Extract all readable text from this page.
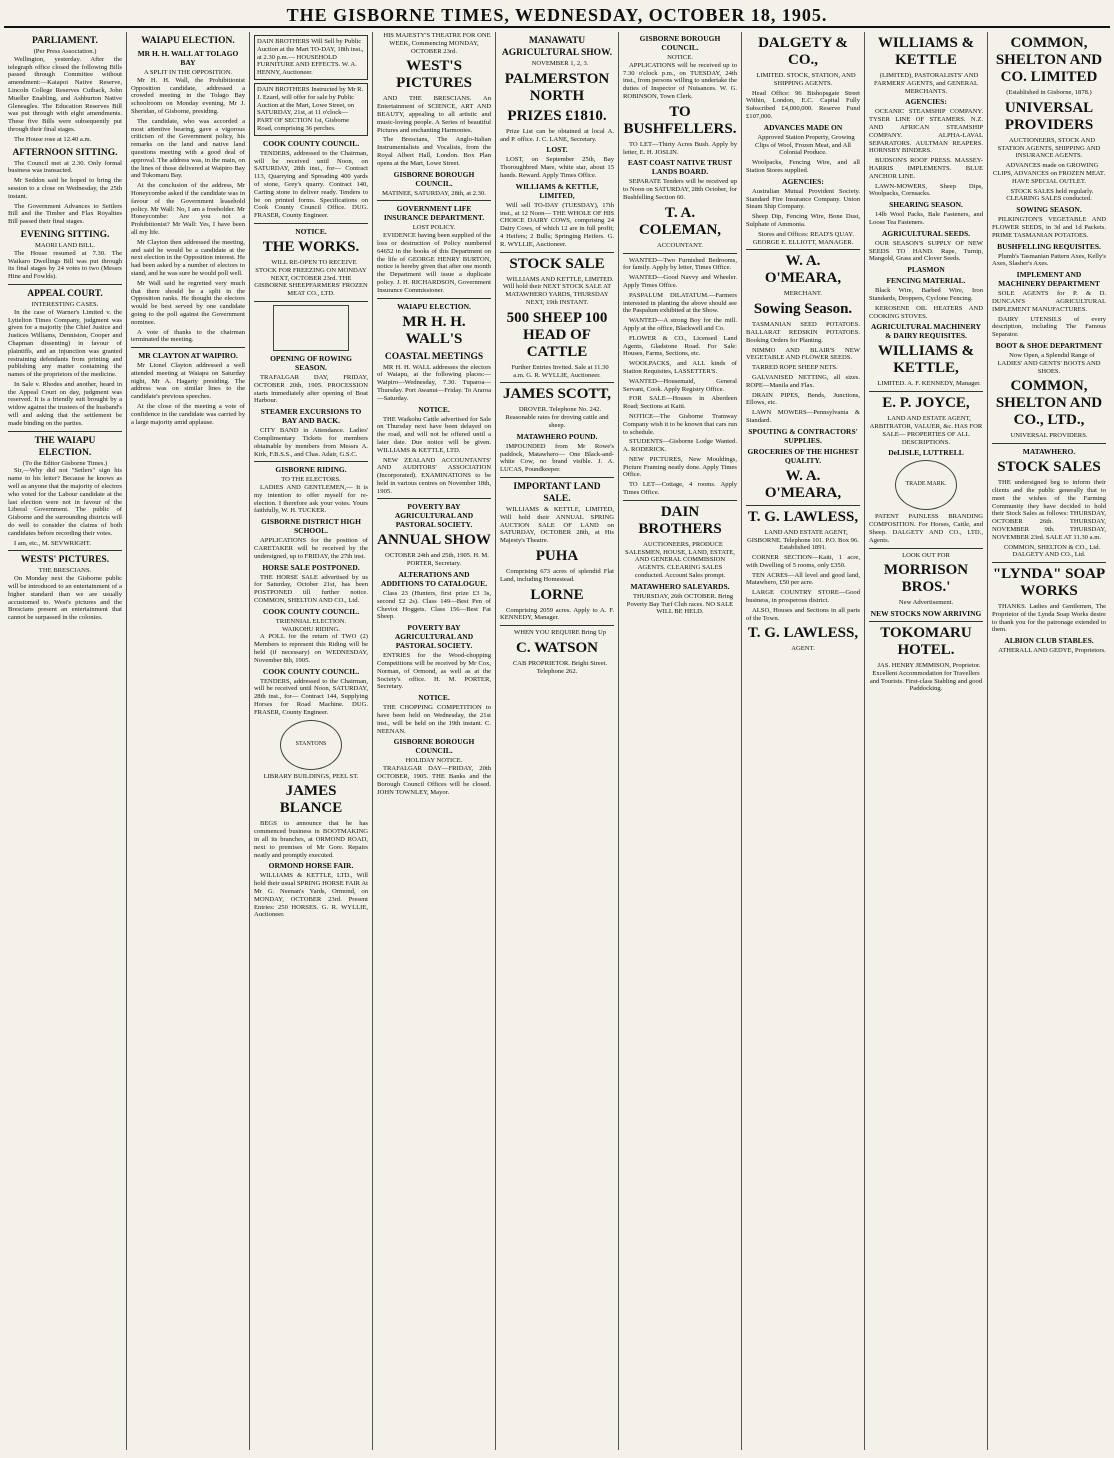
THE GISBORNE TIMES, WEDNESDAY, OCTOBER 18, 1905.
PARLIAMENT.
(Per Press Association.)

Wellington, yesterday. After the telegraph office closed the following Bills passed through Committee without amendment:—Kaiapoi Native Reserve, Lincoln College Reserves Cutback, John Mueller Enabling, and Ashburton Native Gleneagles. The Education Reserves Bill was put through with eight amendments. These five Bills were subsequently put through their final stages.

The House rose at 12.40 a.m.

AFTERNOON SITTING.

The Council met at 2.30. Only formal business was transacted.

Mr Seddon said he hoped to bring the session to a close on Wednesday, the 25th instant.

The Government Advances to Settlers Bill and the Timber and Flax Royalties Bill passed their final stages.

EVENING SITTING.
MAORI LAND BILL.

The House resumed at 7.30. The Waikaro Dwellings Bill was put through its final stages by 24 votes to two (Messrs Hine and Fowlds).

APPEAL COURT.
INTERESTING CASES.

In the case of Warner's Limited v. the Lyttelton Times Company, judgment was given for a majority (the Chief Justice and Justices Williams, Denniston, Cooper and Chapman dissenting) in favour of plaintiffs, and an injunction was granted restraining defendants from printing and publishing any matter containing the names of the proprietors of the medicine.

In Sale v. Rhodes and another, heard in the Appeal Court on day, judgment was reserved. It is a friendly suit brought by a widow against the trustees of the husband's will and asking that the settlement be made binding on the parties.

THE WAIAPU ELECTION.
(To the Editor Gisborne Times.)

Sir,—Why did not "Setlers" sign his name to his letter? Because he knows as well as anyone that the majority of electors who voted for the Labour candidate at the last election were not in favour of the Liberal Government. The public of Gisborne and the surrounding districts will do well to consider the claims of both candidates before recording their votes.

I am, etc., M. SEVWRIGHT.

WESTS' PICTURES.
THE BRESCIANS.

On Monday next the Gisborne public will be introduced to an entertainment of a higher standard than we are usually accustomed to. West's pictures and the Brescians present an entertainment that cannot be surpassed in the colonies.

WAIAPU ELECTION.
MR H. H. WALL AT TOLAGO BAY
A SPLIT IN THE OPPOSITION.

Mr H. H. Wall, the Prohibitionist Opposition candidate, addressed a crowded meeting in the Tolago Bay schoolroom on Monday evening, Mr J. Sheridan, of Gisborne, presiding.

The candidate, who was accorded a most attentive hearing, gave a vigorous criticism of the Government policy, his remarks on the land and native land questions meeting with a good deal of approval. The address was, in the main, on the lines of those delivered at Waipiro Bay and Tokomaru Bay.

At the conclusion of the address, Mr Honeycombe asked if the candidate was in favour of the Government leasehold policy. Mr Wall: No, I am a freeholder. Mr Honeycombe: Are you not a Prohibitionist? Mr Wall: Yes, I have been all my life.

Mr Clayton then addressed the meeting, and said he would be a candidate at the next election in the Opposition interest. He had been asked by a number of electors to stand, and he was sure he would poll well.

Mr Wall said he regretted very much that there should be a split in the Opposition ranks. He thought the electors would be best served by one candidate going to the poll against the Government nominee.

A vote of thanks to the chairman terminated the meeting.

MR CLAYTON AT WAIPIRO.

Mr Lionel Clayton addressed a well attended meeting at Waiapu on Saturday night, Mr A. Hagarty presiding. The address was on similar lines to the candidate's previous speeches.

At the close of the meeting a vote of confidence in the candidate was carried by a large majority amid applause.

DAIN BROTHERS Will Sell by Public Auction at the Mart TO-DAY, 18th inst., at 2.30 p.m.— HOUSEHOLD FURNITURE AND EFFECTS. W. A. HENNY, Auctioneer.
DAIN BROTHERS Instructed by Mr R. J. Ezard, will offer for sale by Public Auction at the Mart, Lowe Street, on SATURDAY, 21st, at 11 o'clock— PART OF SECTION 1st, Gisborne Road, comprising 36 perches.
COOK COUNTY COUNCIL.

TENDERS, addressed to the Chairman, will be received until Noon, on SATURDAY, 28th inst., for— Contract 113, Quarrying and Spreading 400 yards of stone, Grey's quarry. Contract 140, Carting stone to deliver ready. Tenders to be on printed forms. Specifications on Cook County Council Office. DUG. FRASER, County Engineer.

NOTICE.
THE WORKS.

WILL RE-OPEN TO RECEIVE STOCK FOR FREEZING ON MONDAY NEXT, OCTOBER 23rd. THE GISBORNE SHEEPFARMERS' FROZEN MEAT CO., LTD.

OPENING OF ROWING SEASON.

TRAFALGAR DAY, FRIDAY, OCTOBER 20th, 1905. PROCESSION starts immediately after opening of Boat Harbour.

STEAMER EXCURSIONS TO BAY AND BACK.

CITY BAND in Attendance. Ladies' Complimentary Tickets for members obtainable by members from Messrs A. Kirk, F.B.S.S., and Chas. Adair, G.S.C.

GISBORNE RIDING.
TO THE ELECTORS.

LADIES AND GENTLEMEN,— It is my intention to offer myself for re-election. I therefore ask your votes. Yours faithfully, W. H. TUCKER.

GISBORNE DISTRICT HIGH SCHOOL.

APPLICATIONS for the position of CARETAKER will be received by the undersigned, up to FRIDAY, the 27th inst.

HORSE SALE POSTPONED.

THE HORSE SALE advertised by us for Saturday, October 21st, has been POSTPONED till further notice. COMMON, SHELTON AND CO., Ltd.

COOK COUNTY COUNCIL.
TRIENNIAL ELECTION.
WAIKOHU RIDING.

A POLL for the return of TWO (2) Members to represent this Riding will be held (if necessary) on WEDNESDAY, November 8th, 1905.

COOK COUNTY COUNCIL.

TENDERS, addressed to the Chairman, will be received until Noon, SATURDAY, 28th inst., for— Contract 144, Supplying Horses for Road Machine. DUG. FRASER, County Engineer.

STANTONS
LIBRARY BUILDINGS, PEEL ST.
JAMES BLANCE

BEGS to announce that he has commenced business in BOOTMAKING in all its branches, at ORMOND ROAD, next to premises of Mr Gore. Repairs neatly and promptly executed.

ORMOND HORSE FAIR.

WILLIAMS & KETTLE, LTD., Will hold their usual SPRING HORSE FAIR At Mr G. Neenan's Yards, Ormond, on MONDAY, OCTOBER 23rd. Present Entries: 250 HORSES. G. R. WYLLIE, Auctioneer.

HIS MAJESTY'S THEATRE FOR ONE WEEK, Commencing MONDAY, OCTOBER 23rd.

WEST'S PICTURES

AND THE BRESCIANS. An Entertainment of SCIENCE, ART AND BEAUTY, appealing to all artistic and music-loving people. A Series of beautiful Pictures and enchanting Harmonies.

The Brescians, The Anglo-Italian Instrumentalists and Vocalists, from the Royal Albert Hall, London. Box Plan opens at the Mart, Lowe Street.

GISBORNE BOROUGH COUNCIL.
MATINEE, SATURDAY, 28th, at 2.30.
GOVERNMENT LIFE INSURANCE DEPARTMENT.
LOST POLICY.

EVIDENCE having been supplied of the loss or destruction of Policy numbered 64652 in the books of this Department on the life of GEORGE HENRY BURTON, notice is hereby given that after one month the Department will issue a duplicate policy. J. H. RICHARDSON, Government Insurance Commissioner.

WAIAPU ELECTION.
MR H. H. WALL'S
COASTAL MEETINGS

MR H. H. WALL addresses the electors of Waiapu, at the following places:— Waipiro—Wednesday, 7.30. Tuparoa—Thursday. Port Awanui—Friday. To Araroa—Saturday.

NOTICE.

THE Waikohu Cattle advertised for Sale on Thursday next have been delayed on the road, and will not be offered until a later date. Due notice will be given. WILLIAMS & KETTLE, LTD.

NEW ZEALAND ACCOUNTANTS' AND AUDITORS' ASSOCIATION (Incorporated). EXAMINATIONS to be held in various centres on November 18th, 1905.

POVERTY BAY AGRICULTURAL AND PASTORAL SOCIETY.
ANNUAL SHOW

OCTOBER 24th and 25th, 1905. H. M. PORTER, Secretary.

ALTERATIONS AND ADDITIONS TO CATALOGUE.

Class 23 (Hunters, first prize £3 3s, second £2 2s). Class 149—Best Pen of Cheviot Hoggets. Class 156—Best Fat Sheep.

POVERTY BAY AGRICULTURAL AND PASTORAL SOCIETY.

ENTRIES for the Wood-chopping Competitions will be received by Mr Cox, Norman, of Ormond, as well as at the Society's office. H. M. PORTER, Secretary.

NOTICE.

THE CHOPPING COMPETITION to have been held on Wednesday, the 21st inst., will be held on the 19th instant. C. NEENAN.

GISBORNE BOROUGH COUNCIL.
HOLIDAY NOTICE.

TRAFALGAR DAY—FRIDAY, 20th OCTOBER, 1905. THE Banks and the Borough Council Offices will be closed. JOHN TOWNLEY, Mayor.

MANAWATU AGRICULTURAL SHOW.

NOVEMBER 1, 2, 3.

PALMERSTON NORTH
PRIZES £1810.

Prize List can be obtained at local A. and P. office. J. C. LANE, Secretary.

LOST.

LOST, on September 25th, Bay Thoroughbred Mare, white star, about 15 hands. Reward. Apply Times Office.

WILLIAMS & KETTLE, LIMITED,

Will sell TO-DAY (TUESDAY), 17th inst., at 12 Noon— THE WHOLE OF HIS CHOICE DAIRY COWS, comprising 24 Dairy Cows, of which 12 are in full profit; 4 Heifers; 2 Bulls; Springing Heifers. G. R. WYLLIE, Auctioneer.

STOCK SALE

WILLIAMS AND KETTLE, LIMITED. Will hold their NEXT STOCK SALE AT MATAWHERO YARDS, THURSDAY NEXT, 19th INSTANT.

500 SHEEP 100 HEAD OF CATTLE

Further Entries Invited. Sale at 11.30 a.m. G. R. WYLLIE, Auctioneer.

JAMES SCOTT,

DROVER. Telephone No. 242. Reasonable rates for droving cattle and sheep.

MATAWHERO POUND.

IMPOUNDED from Mr Rowe's paddock, Matawhero— One Black-and-white Cow, no brand visible. J. A. LUCAS, Poundkeeper.

IMPORTANT LAND SALE.

WILLIAMS & KETTLE, LIMITED, Will hold their ANNUAL SPRING AUCTION SALE OF LAND on SATURDAY, OCTOBER 28th, at His Majesty's Theatre.

PUHA

Comprising 673 acres of splendid Flat Land, including Homestead.

LORNE

Comprising 2059 acres. Apply to A. F. KENNEDY, Manager.

WHEN YOU REQUIRE Bring Up

C. WATSON

CAB PROPRIETOR. Bright Street. Telephone 262.

GISBORNE BOROUGH COUNCIL.
NOTICE.

APPLICATIONS will be received up to 7.30 o'clock p.m., on TUESDAY, 24th inst., from persons willing to undertake the duties of Inspector of Nuisances. W. G. ROBINSON, Town Clerk.

TO BUSHFELLERS.

TO LET—Thirty Acres Bush. Apply by letter, E. H. JOSLIN.

EAST COAST NATIVE TRUST LANDS BOARD.

SEPARATE Tenders will be received up to Noon on SATURDAY, 28th October, for Bushfelling Section 60.

T. A. COLEMAN,
ACCOUNTANT.

WANTED—Two Furnished Bedrooms, for family. Apply by letter, Times Office.

WANTED—Good Navvy and Wheeler. Apply Times Office.

PASPALUM DILATATUM.—Farmers interested in planting the above should see the Paspalum exhibited at the Show.

WANTED—A strong Boy for the mill. Apply at the office, Blackwell and Co.

FLOWER & CO., Licensed Land Agents, Gladstone Road. For Sale: Houses, Farms, Sections, etc.

WOOLPACKS, and ALL kinds of Station Requisites, LASSETTER'S.

WANTED—Housemaid, General Servant, Cook. Apply Registry Office.

FOR SALE—Houses in Aberdeen Road; Sections at Kaiti.

NOTICE—The Gisborne Tramway Company wish it to be known that cars run to schedule.

STUDENTS—Gisborne Lodge Wanted. A. RODERICK.

NEW PICTURES, New Mouldings, Picture Framing neatly done. Apply Times Office.

TO LET—Cottage, 4 rooms. Apply Times Office.

DAIN BROTHERS

AUCTIONEERS, PRODUCE SALESMEN, HOUSE, LAND, ESTATE, AND GENERAL COMMISSION AGENTS. CLEARING SALES conducted. Account Sales prompt.

MATAWHERO SALEYARDS.

THURSDAY, 26th OCTOBER. Bring Poverty Bay Turf Club races. NO SALE WILL BE HELD.

DALGETY & CO.,

LIMITED. STOCK, STATION, AND SHIPPING AGENTS.

Head Office: 96 Bishopsgate Street Within, London, E.C. Capital Fully Subscribed £4,000,000. Reserve Fund £107,000.

ADVANCES MADE ON

Approved Station Property, Growing Clips of Wool, Frozen Meat, and All Colonial Produce.

Woolpacks, Fencing Wire, and all Station Stores supplied.

AGENCIES:

Australian Mutual Provident Society. Standard Fire Insurance Company. Union Steam Ship Company.

Sheep Dip, Fencing Wire, Bone Dust, Sulphate of Ammonia.

Stores and Offices: READ'S QUAY. GEORGE E. ELLIOTT, MANAGER.

W. A. O'MEARA,
MERCHANT.
Sowing Season.

TASMANIAN SEED POTATOES. BALLARAT REDSKIN POTATOES. Booking Orders for Planting.

NIMMO AND BLAIR'S NEW VEGETABLE AND FLOWER SEEDS.

TARRED ROPE SHEEP NETS.

GALVANISED NETTING, all sizes. ROPE—Manila and Flax.

DRAIN PIPES, Bends, Junctions, Ellows, etc.

LAWN MOWERS—Pennsylvania & Standard.

SPOUTING & CONTRACTORS' SUPPLIES.
GROCERIES OF THE HIGHEST QUALITY.
W. A. O'MEARA,
T. G. LAWLESS,

LAND AND ESTATE AGENT, GISBORNE. Telephone 101. P.O. Box 96. Established 1891.

CORNER SECTION—Kaiti, 1 acre, with Dwelling of 5 rooms, only £350.

TEN ACRES—All level and good land, Matawhero, £50 per acre.

LARGE COUNTRY STORE—Good business, in prosperous district.

ALSO, Houses and Sections in all parts of the Town.

T. G. LAWLESS,
AGENT.
WILLIAMS & KETTLE

(LIMITED), PASTORALISTS' AND FARMERS' AGENTS, and GENERAL MERCHANTS.

AGENCIES:

OCEANIC STEAMSHIP COMPANY. TYSER LINE OF STEAMERS. N.Z. AND AFRICAN STEAMSHIP COMPANY. ALPHA-LAVAL SEPARATORS. AULTMAN REAPERS. HORNSBY BINDERS.

BUDSON'S ROOF PRESS. MASSEY-HARRIS IMPLEMENTS. BLUE ANCHOR LINE.

LAWN-MOWERS, Sheep Dips, Woolpacks, Cornsacks.

SHEARING SEASON.

14lb Wool Packs, Bale Fasteners, and Loose Tea Fasteners.

AGRICULTURAL SEEDS.

OUR SEASON'S SUPPLY OF NEW SEEDS TO HAND. Rape, Turnip, Mangold, Grass and Clover Seeds.

PLASMON
FENCING MATERIAL.

Black Wire, Barbed Wire, Iron Standards, Droppers, Cyclone Fencing.

KEROSENE OIL HEATERS AND COOKING STOVES.

AGRICULTURAL MACHINERY & DAIRY REQUISITES.
WILLIAMS & KETTLE,

LIMITED. A. F. KENNEDY, Manager.

E. P. JOYCE,

LAND AND ESTATE AGENT, ARBITRATOR, VALUER, &c. HAS FOR SALE— PROPERTIES OF ALL DESCRIPTIONS.

DeLISLE, LUTTRELL
TRADE MARK.

PATENT PAINLESS BRANDING COMPOSITION. For Horses, Cattle, and Sheep. DALGETY AND CO., LTD., Agents.

LOOK OUT FOR
MORRISON BROS.'
New Advertisement.
NEW STOCKS NOW ARRIVING
TOKOMARU HOTEL.

JAS. HENRY JEMMISON, Proprietor. Excellent Accommodation for Travellers and Tourists. First-class Stabling and good Paddocking.

COMMON, SHELTON AND CO. LIMITED
(Established in Gisborne, 1878.)
UNIVERSAL PROVIDERS

AUCTIONEERS, STOCK AND STATION AGENTS, SHIPPING AND INSURANCE AGENTS.

ADVANCES made on GROWING CLIPS, ADVANCES on FROZEN MEAT. HAVE SPECIAL OUTLET.

STOCK SALES held regularly. CLEARING SALES conducted.

SOWING SEASON.

PILKINGTON'S VEGETABLE AND FLOWER SEEDS, in 3d and 1d Packets. PRIME TASMANIAN POTATOES.

BUSHFELLING REQUISITES.

Plumb's Tasmanian Pattern Axes, Kelly's Axes, Slasher's Axes.

IMPLEMENT AND MACHINERY DEPARTMENT

SOLE AGENTS for P. & D. DUNCAN'S AGRICULTURAL IMPLEMENT MANUFACTURES.

DAIRY UTENSILS of every description, including The Famous Separator.

BOOT & SHOE DEPARTMENT

Now Open, a Splendid Range of LADIES' AND GENTS' BOOTS AND SHOES.

COMMON, SHELTON AND CO., LTD.,
UNIVERSAL PROVIDERS.
MATAWHERO.
STOCK SALES

THE undersigned beg to inform their clients and the public generally that to meet the wishes of the Farming Community they have decided to hold their Stock Sales as follows: THURSDAY, OCTOBER 26th. THURSDAY, NOVEMBER 9th. THURSDAY, NOVEMBER 23rd. SALE AT 11.30 a.m.

COMMON, SHELTON & CO., Ltd. DALGETY AND CO., Ltd.

"LYNDA" SOAP WORKS

THANKS. Ladies and Gentlemen, The Proprietor of the Lynda Soap Works desire to thank you for the patronage extended to them.

ALBION CLUB STABLES.

ATHERALL AND GEDYE, Proprietors.
